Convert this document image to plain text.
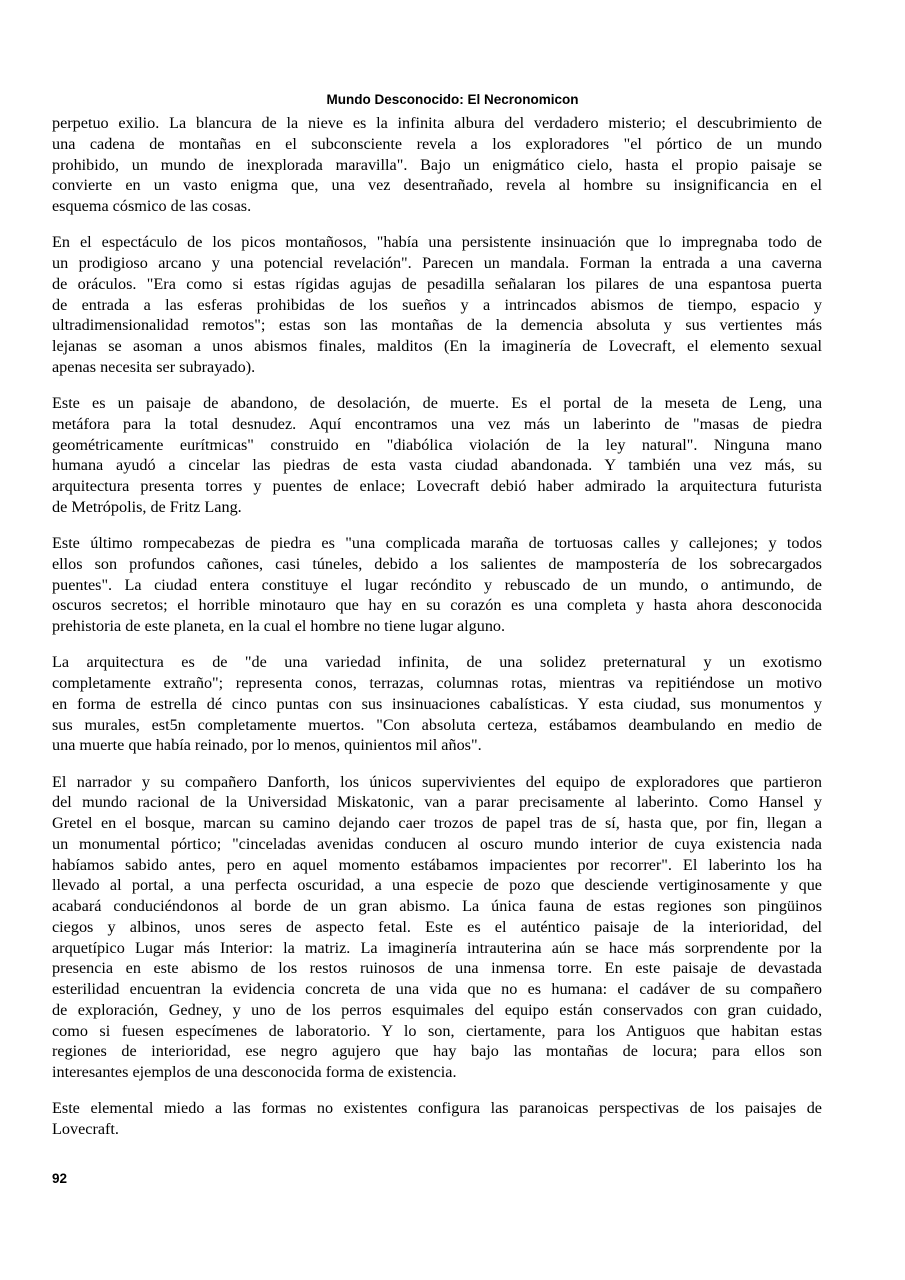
Mundo Desconocido: El Necronomicon

perpetuo exilio. La blancura de la nieve es la infinita albura del verdadero misterio; el descubrimiento de
una cadena de montañas en el subconsciente revela a los exploradores "el pórtico de un mundo
prohibido, un mundo de inexplorada maravilla". Bajo un enigmático cielo, hasta el propio paisaje se
convierte en un vasto enigma que, una vez desentrañado, revela al hombre su insignificancia en el
esquema cósmico de las cosas.

En el espectáculo de los picos montañosos, "había una persistente insinuación que lo impregnaba todo de
un prodigioso arcano y una potencial revelación". Parecen un mandala. Forman la entrada a una caverna
de oráculos. "Era como si estas rígidas agujas de pesadilla señalaran los pilares de una espantosa puerta
de entrada a las esferas prohibidas de los sueños y a intrincados abismos de tiempo, espacio y
ultradimensionalidad remotos"; estas son las montañas de la demencia absoluta y sus vertientes más
lejanas se asoman a unos abismos finales, malditos (En la imaginería de Lovecraft, el elemento sexual
apenas necesita ser subrayado).

Este es un paisaje de abandono, de desolación, de muerte. Es el portal de la meseta de Leng, una
metáfora para la total desnudez. Aquí encontramos una vez más un laberinto de "masas de piedra
geométricamente eurítmicas" construido en "diabólica violación de la ley natural". Ninguna mano
humana ayudó a cincelar las piedras de esta vasta ciudad abandonada. Y también una vez más, su
arquitectura presenta torres y puentes de enlace; Lovecraft debió haber admirado la arquitectura futurista
de Metrópolis, de Fritz Lang.

Este último rompecabezas de piedra es "una complicada maraña de tortuosas calles y callejones; y todos
ellos son profundos cañones, casi túneles, debido a los salientes de mampostería de los sobrecargados
puentes". La ciudad entera constituye el lugar recóndito y rebuscado de un mundo, o antimundo, de
oscuros secretos; el horrible minotauro que hay en su corazón es una completa y hasta ahora desconocida
prehistoria de este planeta, en la cual el hombre no tiene lugar alguno.

La arquitectura es de "de una variedad infinita, de una solidez preternatural y un exotismo
completamente extraño"; representa conos, terrazas, columnas rotas, mientras va repitiéndose un motivo
en forma de estrella dé cinco puntas con sus insinuaciones cabalísticas. Y esta ciudad, sus monumentos y
sus murales, est5n completamente muertos. "Con absoluta certeza, estábamos deambulando en medio de
una muerte que había reinado, por lo menos, quinientos mil años".

El narrador y su compañero Danforth, los únicos supervivientes del equipo de exploradores que partieron
del mundo racional de la Universidad Miskatonic, van a parar precisamente al laberinto. Como Hansel y
Gretel en el bosque, marcan su camino dejando caer trozos de papel tras de sí, hasta que, por fin, llegan a
un monumental pórtico; "cinceladas avenidas conducen al oscuro mundo interior de cuya existencia nada
habíamos sabido antes, pero en aquel momento estábamos impacientes por recorrer". El laberinto los ha
llevado al portal, a una perfecta oscuridad, a una especie de pozo que desciende vertiginosamente y que
acabará conduciéndonos al borde de un gran abismo. La única fauna de estas regiones son pingüinos
ciegos y albinos, unos seres de aspecto fetal. Este es el auténtico paisaje de la interioridad, del
arquetípico Lugar más Interior: la matriz. La imaginería intrauterina aún se hace más sorprendente por la
presencia en este abismo de los restos ruinosos de una inmensa torre. En este paisaje de devastada
esterilidad encuentran la evidencia concreta de una vida que no es humana: el cadáver de su compañero
de exploración, Gedney, y uno de los perros esquimales del equipo están conservados con gran cuidado,
como si fuesen especímenes de laboratorio. Y lo son, ciertamente, para los Antiguos que habitan estas
regiones de interioridad, ese negro agujero que hay bajo las montañas de locura; para ellos son
interesantes ejemplos de una desconocida forma de existencia.

Este elemental miedo a las formas no existentes configura las paranoicas perspectivas de los paisajes de
Lovecraft.

92
